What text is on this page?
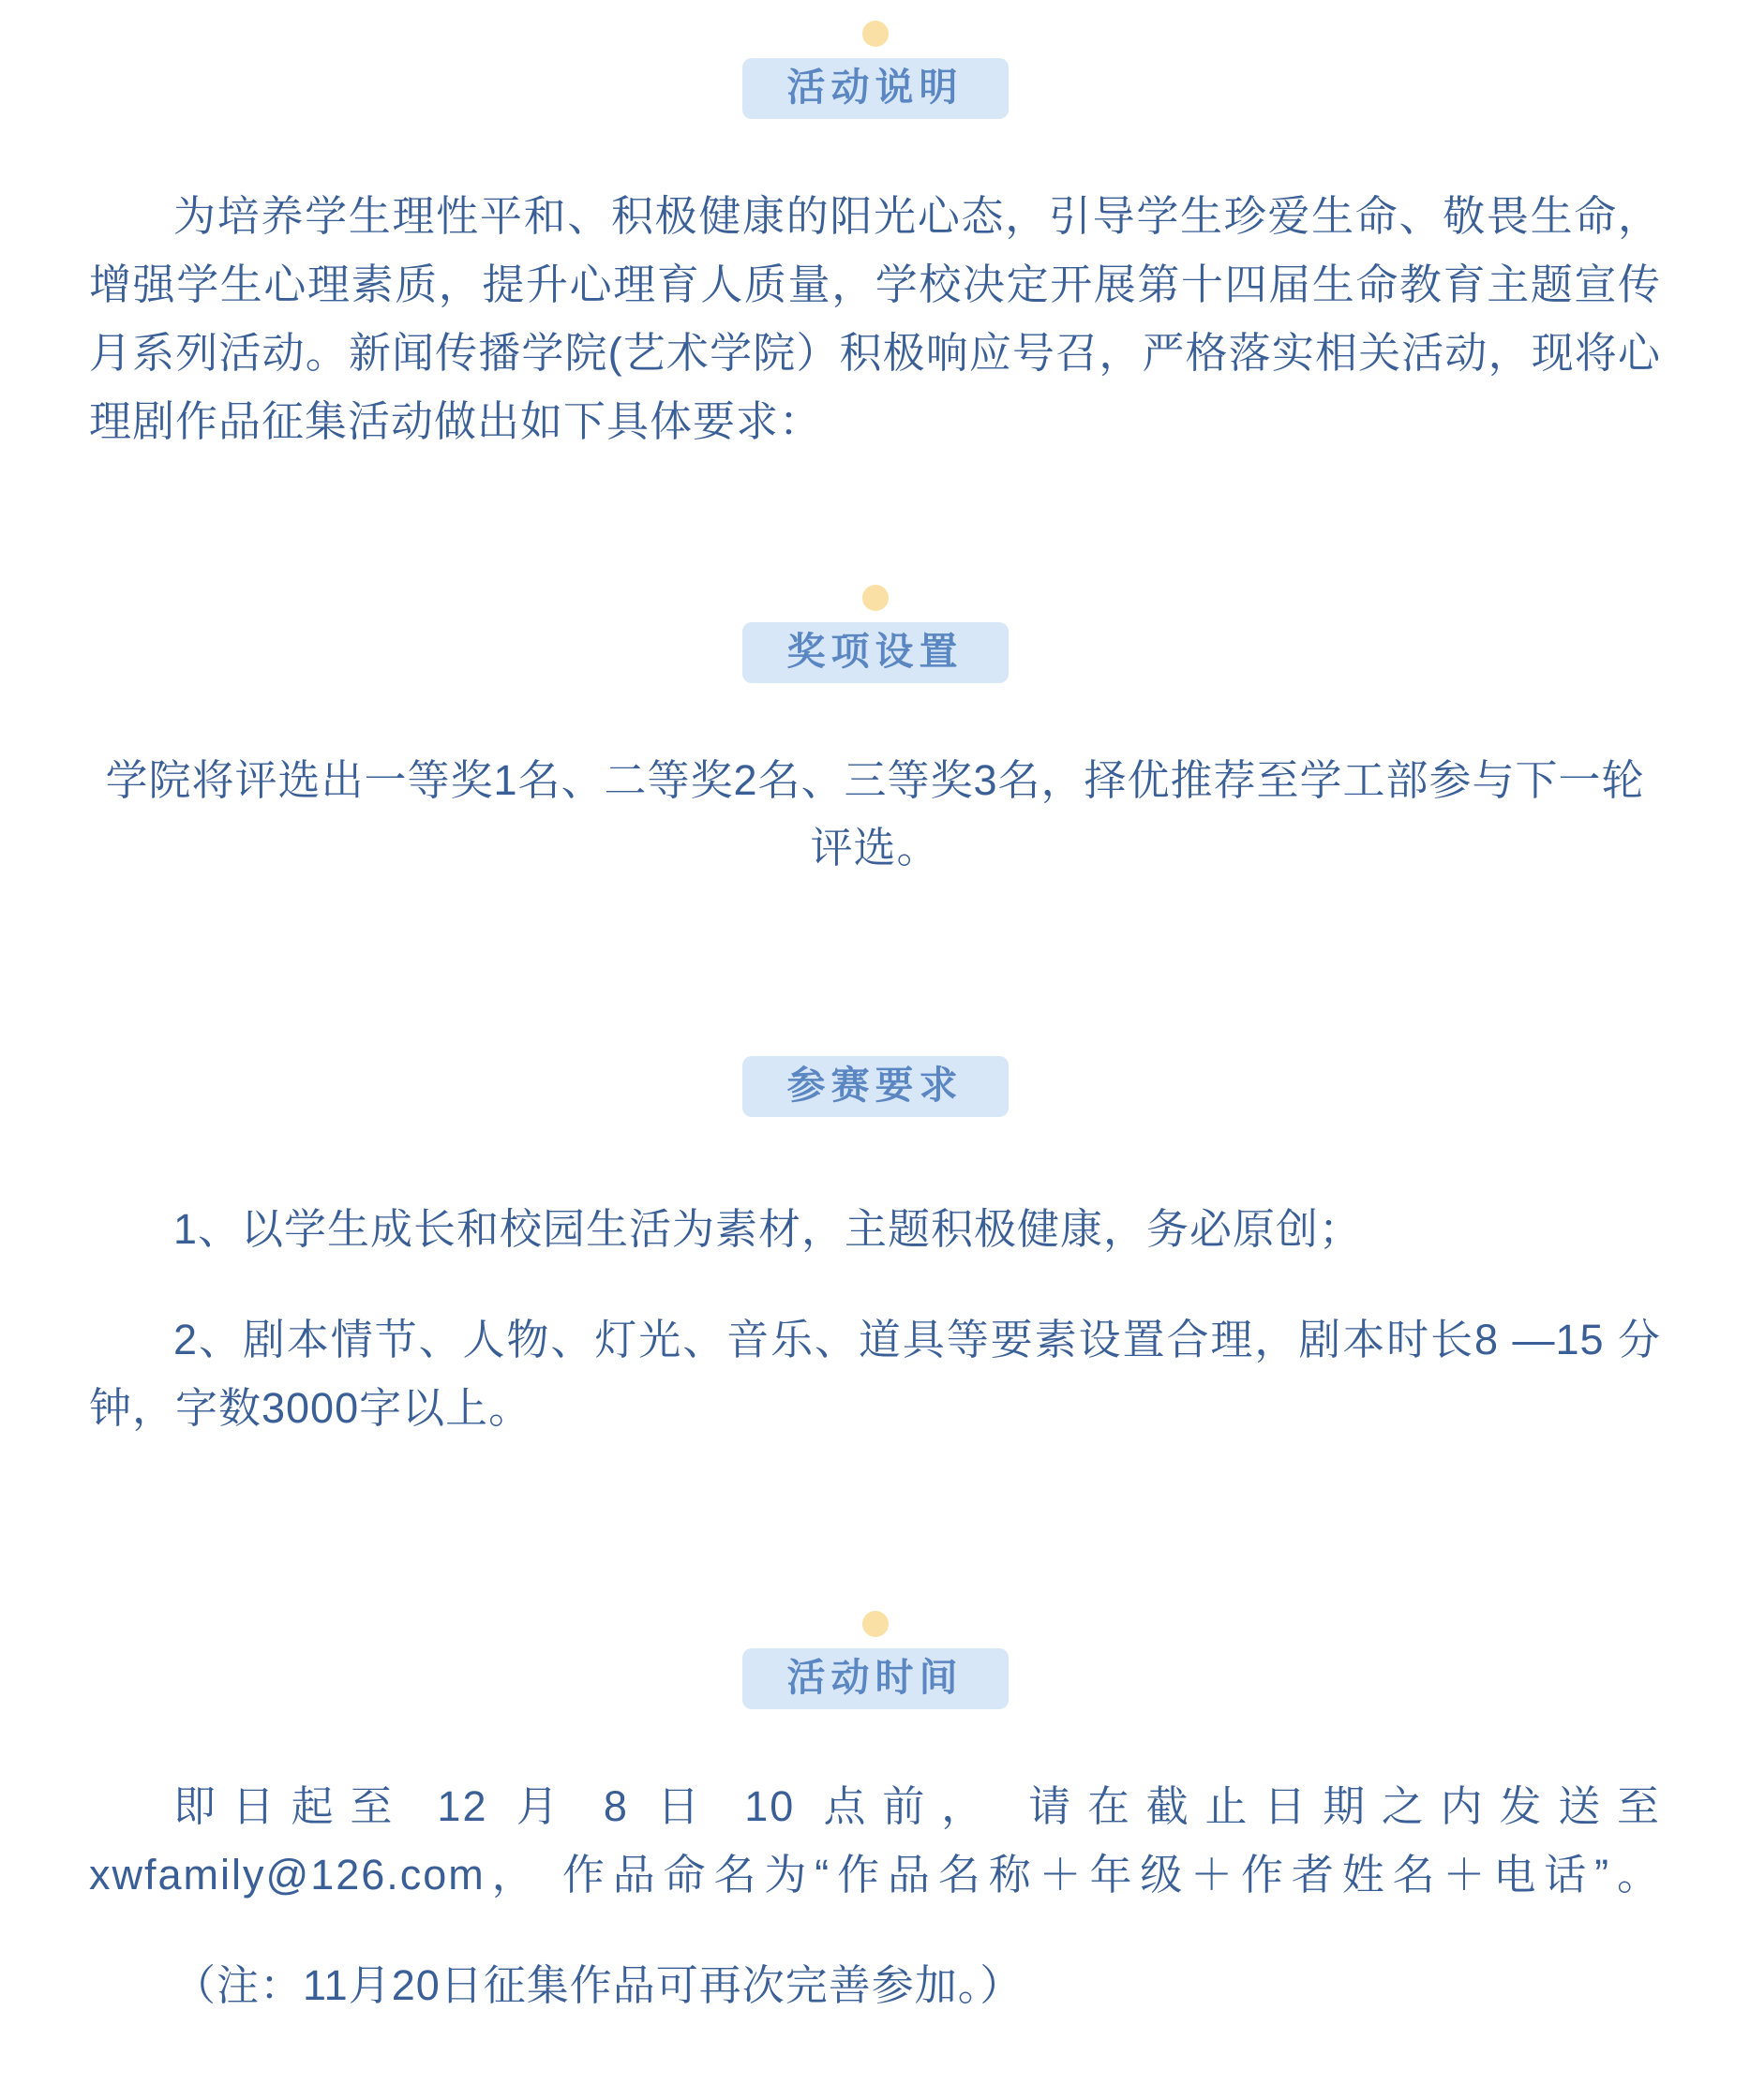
活动说明

为培养学生理性平和、积极健康的阳光心态，引导学生珍爱生命、敬畏生命，增强学生心理素质，提升心理育人质量，学校决定开展第十四届生命教育主题宣传月系列活动。新闻传播学院(艺术学院）积极响应号召，严格落实相关活动，现将心理剧作品征集活动做出如下具体要求：

奖项设置

学院将评选出一等奖1名、二等奖2名、三等奖3名，择优推荐至学工部参与下一轮评选。

参赛要求

1、以学生成长和校园生活为素材，主题积极健康，务必原创；

2、剧本情节、人物、灯光、音乐、道具等要素设置合理，剧本时长8 —15 分钟，字数3000字以上。

活动时间

即日起至 12 月 8 日 10 点前， 请在截止日期之内发送至xwfamily@126.com， 作品命名为“作品名称＋年级＋作者姓名＋电话”。

（注：11月20日征集作品可再次完善参加。）
